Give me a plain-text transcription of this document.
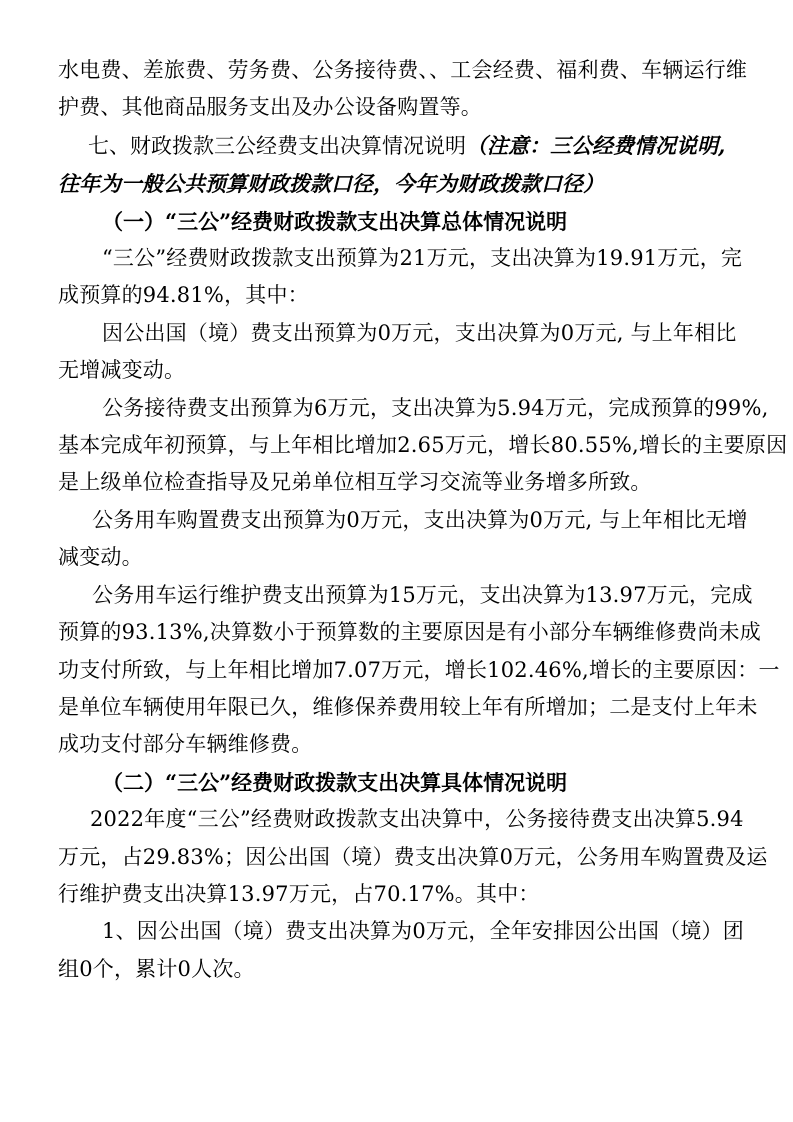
水电费、差旅费、劳务费、公务接待费、、工会经费、福利费、车辆运行维

护费、其他商品服务支出及办公设备购置等。

七、财政拨款三公经费支出决算情况说明（注意：三公经费情况说明,

往年为一般公共预算财政拨款口径，今年为财政拨款口径）

（一）“三公”经费财政拨款支出决算总体情况说明

“三公”经费财政拨款支出预算为21万元，支出决算为19.91万元，完

成预算的94.81%，其中：

因公出国（境）费支出预算为0万元，支出决算为0万元, 与上年相比

无增减变动。

公务接待费支出预算为6万元，支出决算为5.94万元，完成预算的99%,

基本完成年初预算，与上年相比增加2.65万元，增长80.55%,增长的主要原因

是上级单位检查指导及兄弟单位相互学习交流等业务增多所致。

公务用车购置费支出预算为0万元，支出决算为0万元, 与上年相比无增

减变动。

公务用车运行维护费支出预算为15万元，支出决算为13.97万元，完成

预算的93.13%,决算数小于预算数的主要原因是有小部分车辆维修费尚未成

功支付所致，与上年相比增加7.07万元，增长102.46%,增长的主要原因：一

是单位车辆使用年限已久，维修保养费用较上年有所增加；二是支付上年未

成功支付部分车辆维修费。

（二）“三公”经费财政拨款支出决算具体情况说明

2022年度“三公”经费财政拨款支出决算中，公务接待费支出决算5.94

万元，占29.83%；因公出国（境）费支出决算0万元，公务用车购置费及运

行维护费支出决算13.97万元，占70.17%。其中：

1、因公出国（境）费支出决算为0万元，全年安排因公出国（境）团

组0个，累计0人次。
